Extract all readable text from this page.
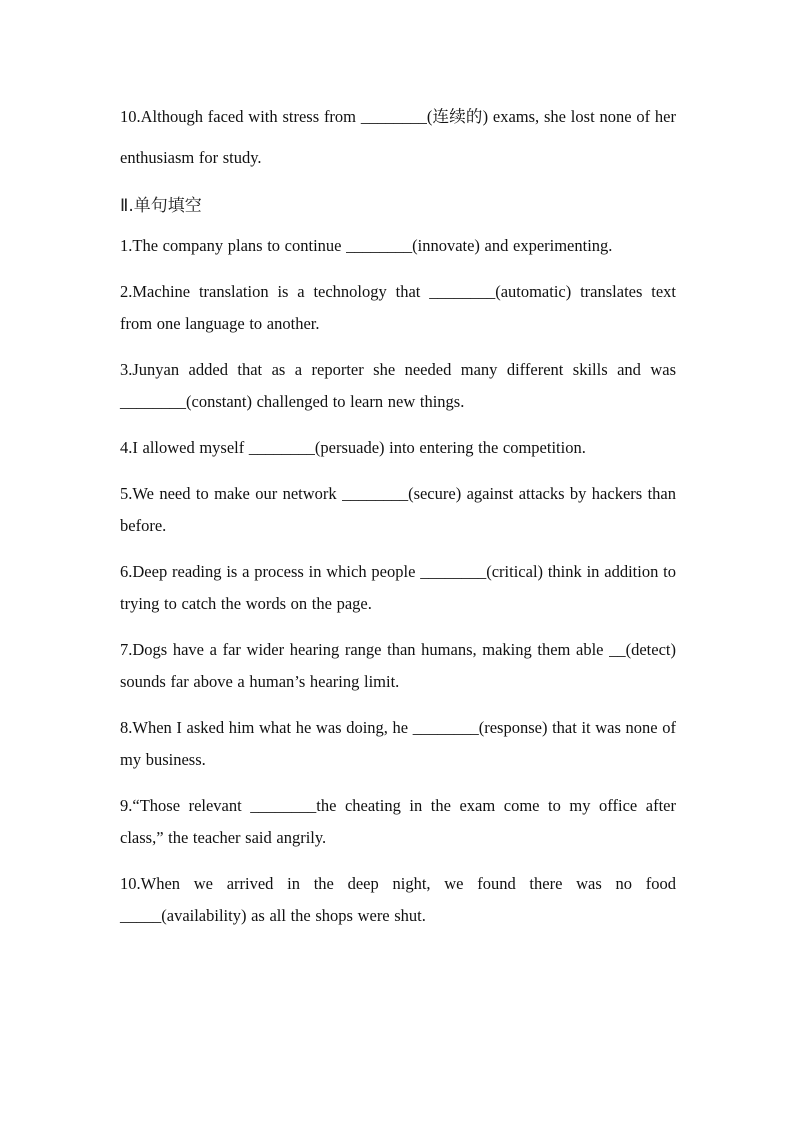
10.Although faced with stress from ________(连续的) exams, she lost none of her enthusiasm for study.

Ⅱ.单句填空

1.The company plans to continue ________(innovate) and experimenting.

2.Machine translation is a technology that ________(automatic) translates text from one language to another.

3.Junyan added that as a reporter she needed many different skills and was ________(constant) challenged to learn new things.

4.I allowed myself ________(persuade) into entering the competition.

5.We need to make our network ________(secure) against attacks by hackers than before.

6.Deep reading is a process in which people ________(critical) think in addition to trying to catch the words on the page.

7.Dogs have a far wider hearing range than humans, making them able __(detect) sounds far above a human’s hearing limit.

8.When I asked him what he was doing, he ________(response) that it was none of my business.

9.“Those relevant ________the cheating in the exam come to my office after class,” the teacher said angrily.

10.When we arrived in the deep night, we found there was no food _____(availability) as all the shops were shut.
